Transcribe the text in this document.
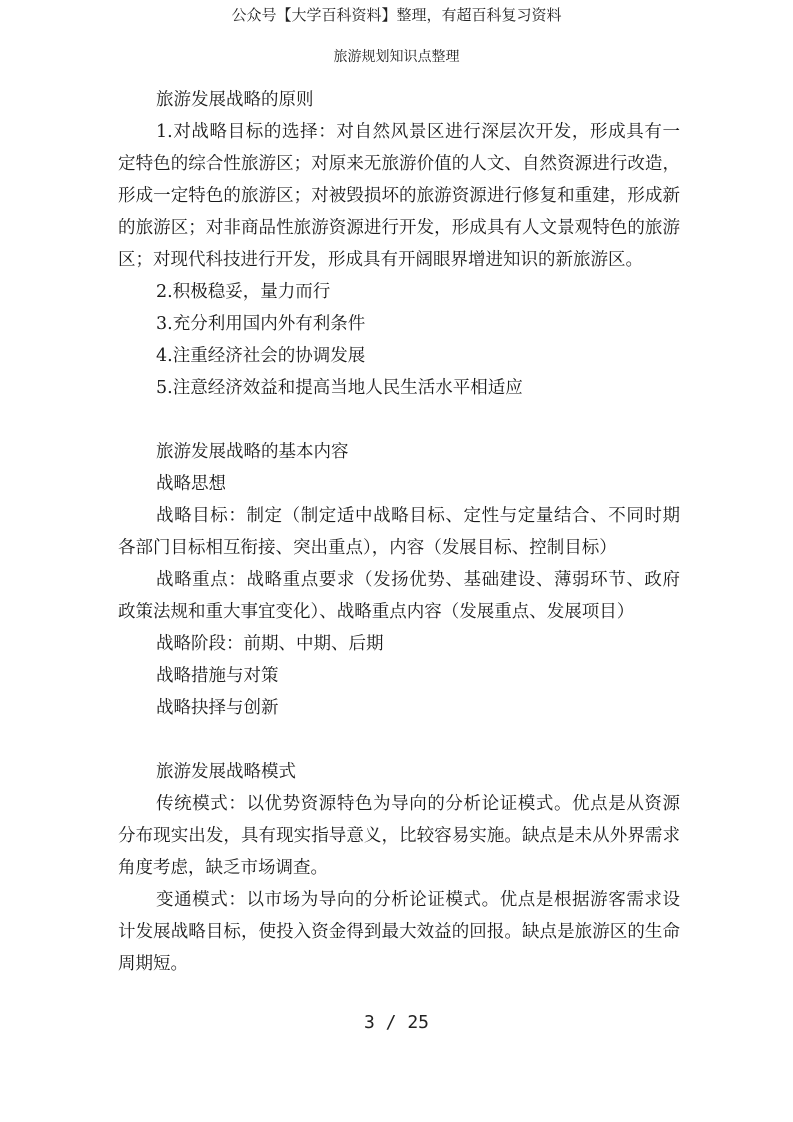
公众号【大学百科资料】整理，有超百科复习资料
旅游规划知识点整理

旅游发展战略的原则

1.对战略目标的选择：对自然风景区进行深层次开发，形成具有一定特色的综合性旅游区；对原来无旅游价值的人文、自然资源进行改造，形成一定特色的旅游区；对被毁损坏的旅游资源进行修复和重建，形成新的旅游区；对非商品性旅游资源进行开发，形成具有人文景观特色的旅游区；对现代科技进行开发，形成具有开阔眼界增进知识的新旅游区。

2.积极稳妥，量力而行

3.充分利用国内外有利条件

4.注重经济社会的协调发展

5.注意经济效益和提高当地人民生活水平相适应

旅游发展战略的基本内容

战略思想

战略目标：制定（制定适中战略目标、定性与定量结合、不同时期各部门目标相互衔接、突出重点），内容（发展目标、控制目标）

战略重点：战略重点要求（发扬优势、基础建设、薄弱环节、政府政策法规和重大事宜变化）、战略重点内容（发展重点、发展项目）

战略阶段：前期、中期、后期

战略措施与对策

战略抉择与创新

旅游发展战略模式

传统模式：以优势资源特色为导向的分析论证模式。优点是从资源分布现实出发，具有现实指导意义，比较容易实施。缺点是未从外界需求角度考虑，缺乏市场调查。

变通模式：以市场为导向的分析论证模式。优点是根据游客需求设计发展战略目标，使投入资金得到最大效益的回报。缺点是旅游区的生命周期短。

3 / 25
